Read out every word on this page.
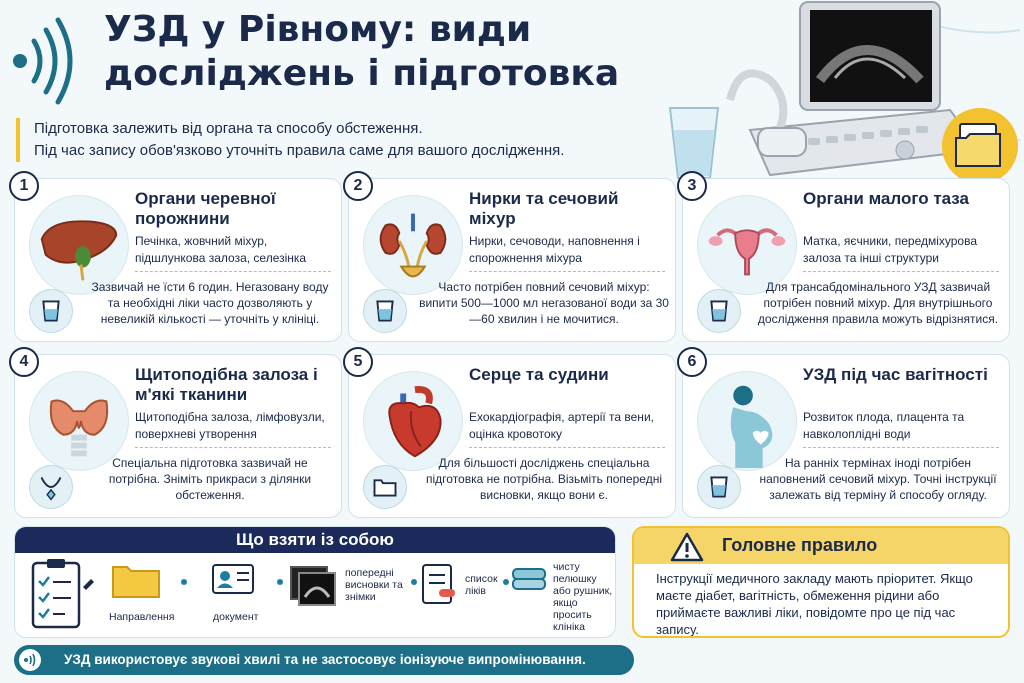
УЗД у Рівному: види досліджень і підготовка
Підготовка залежить від органа та способу обстеження.
Під час запису обов'язково уточніть правила саме для вашого дослідження.
1
Органи черевної порожнини
Печінка, жовчний міхур, підшлункова залоза, селезінка
Зазвичай не їсти 6 годин. Негазовану воду та необхідні ліки часто дозволяють у невеликій кількості — уточніть у клініці.
2
Нирки та сечовий міхур
Нирки, сечоводи, наповнення і спорожнення міхура
Часто потрібен повний сечовий міхур: випити 500—1000 мл негазованої води за 30—60 хвилин і не мочитися.
3
Органи малого таза
Матка, яєчники, передміхурова залоза та інші структури
Для трансабдомінального УЗД зазвичай потрібен повний міхур. Для внутрішнього дослідження правила можуть відрізнятися.
4
Щитоподібна залоза і м'які тканини
Щитоподібна залоза, лімфовузли, поверхневі утворення
Спеціальна підготовка зазвичай не потрібна. Зніміть прикраси з ділянки обстеження.
5
Серце та судини
Ехокардіографія, артерії та вени, оцінка кровотоку
Для більшості досліджень спеціальна підготовка не потрібна. Візьміть попередні висновки, якщо вони є.
6
УЗД під час вагітності
Розвиток плода, плацента та навколоплідні води
На ранніх термінах іноді потрібен наповнений сечовий міхур. Точні інструкції залежать від терміну й способу огляду.
Що взяти із собою
Направлення	документ
попередні висновки та знімки
список ліків
чисту пелюшку або рушник, якщо просить клініка
Головне правило
Інструкції медичного закладу мають пріоритет. Якщо маєте діабет, вагітність, обмеження рідини або приймаєте важливі ліки, повідомте про це під час запису.
УЗД використовує звукові хвилі та не застосовує іонізуюче випромінювання.
